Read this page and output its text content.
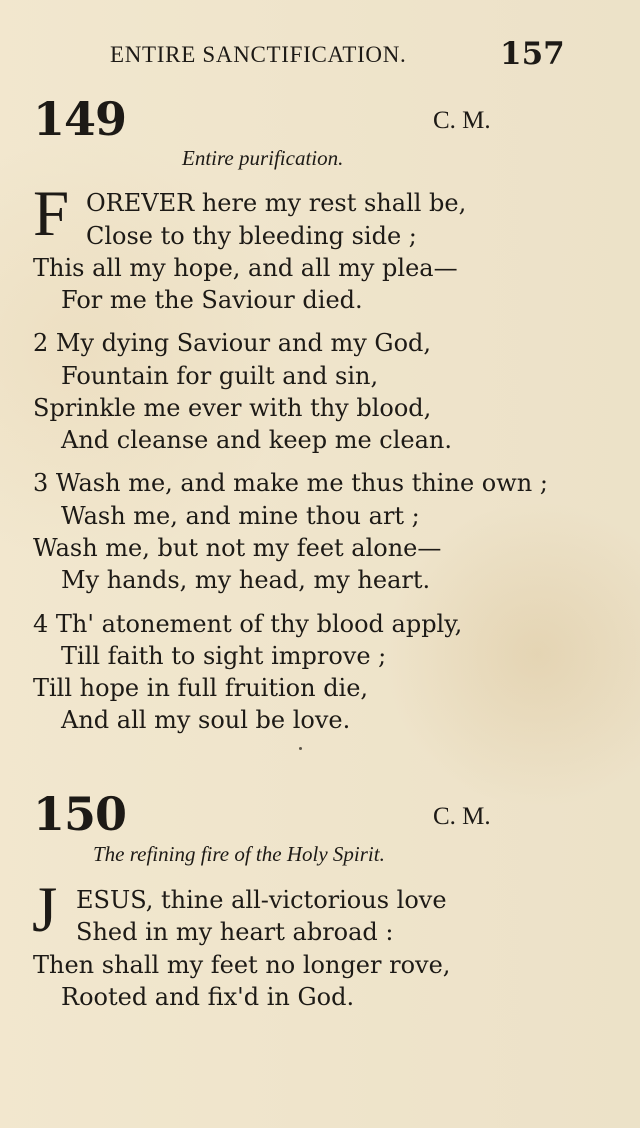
ENTIRE SANCTIFICATION.	157
149	C. M.
Entire purification.
F OREVER here my rest shall be,
Close to thy bleeding side ;
This all my hope, and all my plea—
For me the Saviour died.
2 My dying Saviour and my God,
Fountain for guilt and sin,
Sprinkle me ever with thy blood,
And cleanse and keep me clean.
3 Wash me, and make me thus thine own ;
Wash me, and mine thou art ;
Wash me, but not my feet alone—
My hands, my head, my heart.
4 Th' atonement of thy blood apply,
Till faith to sight improve ;
Till hope in full fruition die,
And all my soul be love.
150	C. M.
The refining fire of the Holy Spirit.
J ESUS, thine all-victorious love
Shed in my heart abroad :
Then shall my feet no longer rove,
Rooted and fix'd in God.
